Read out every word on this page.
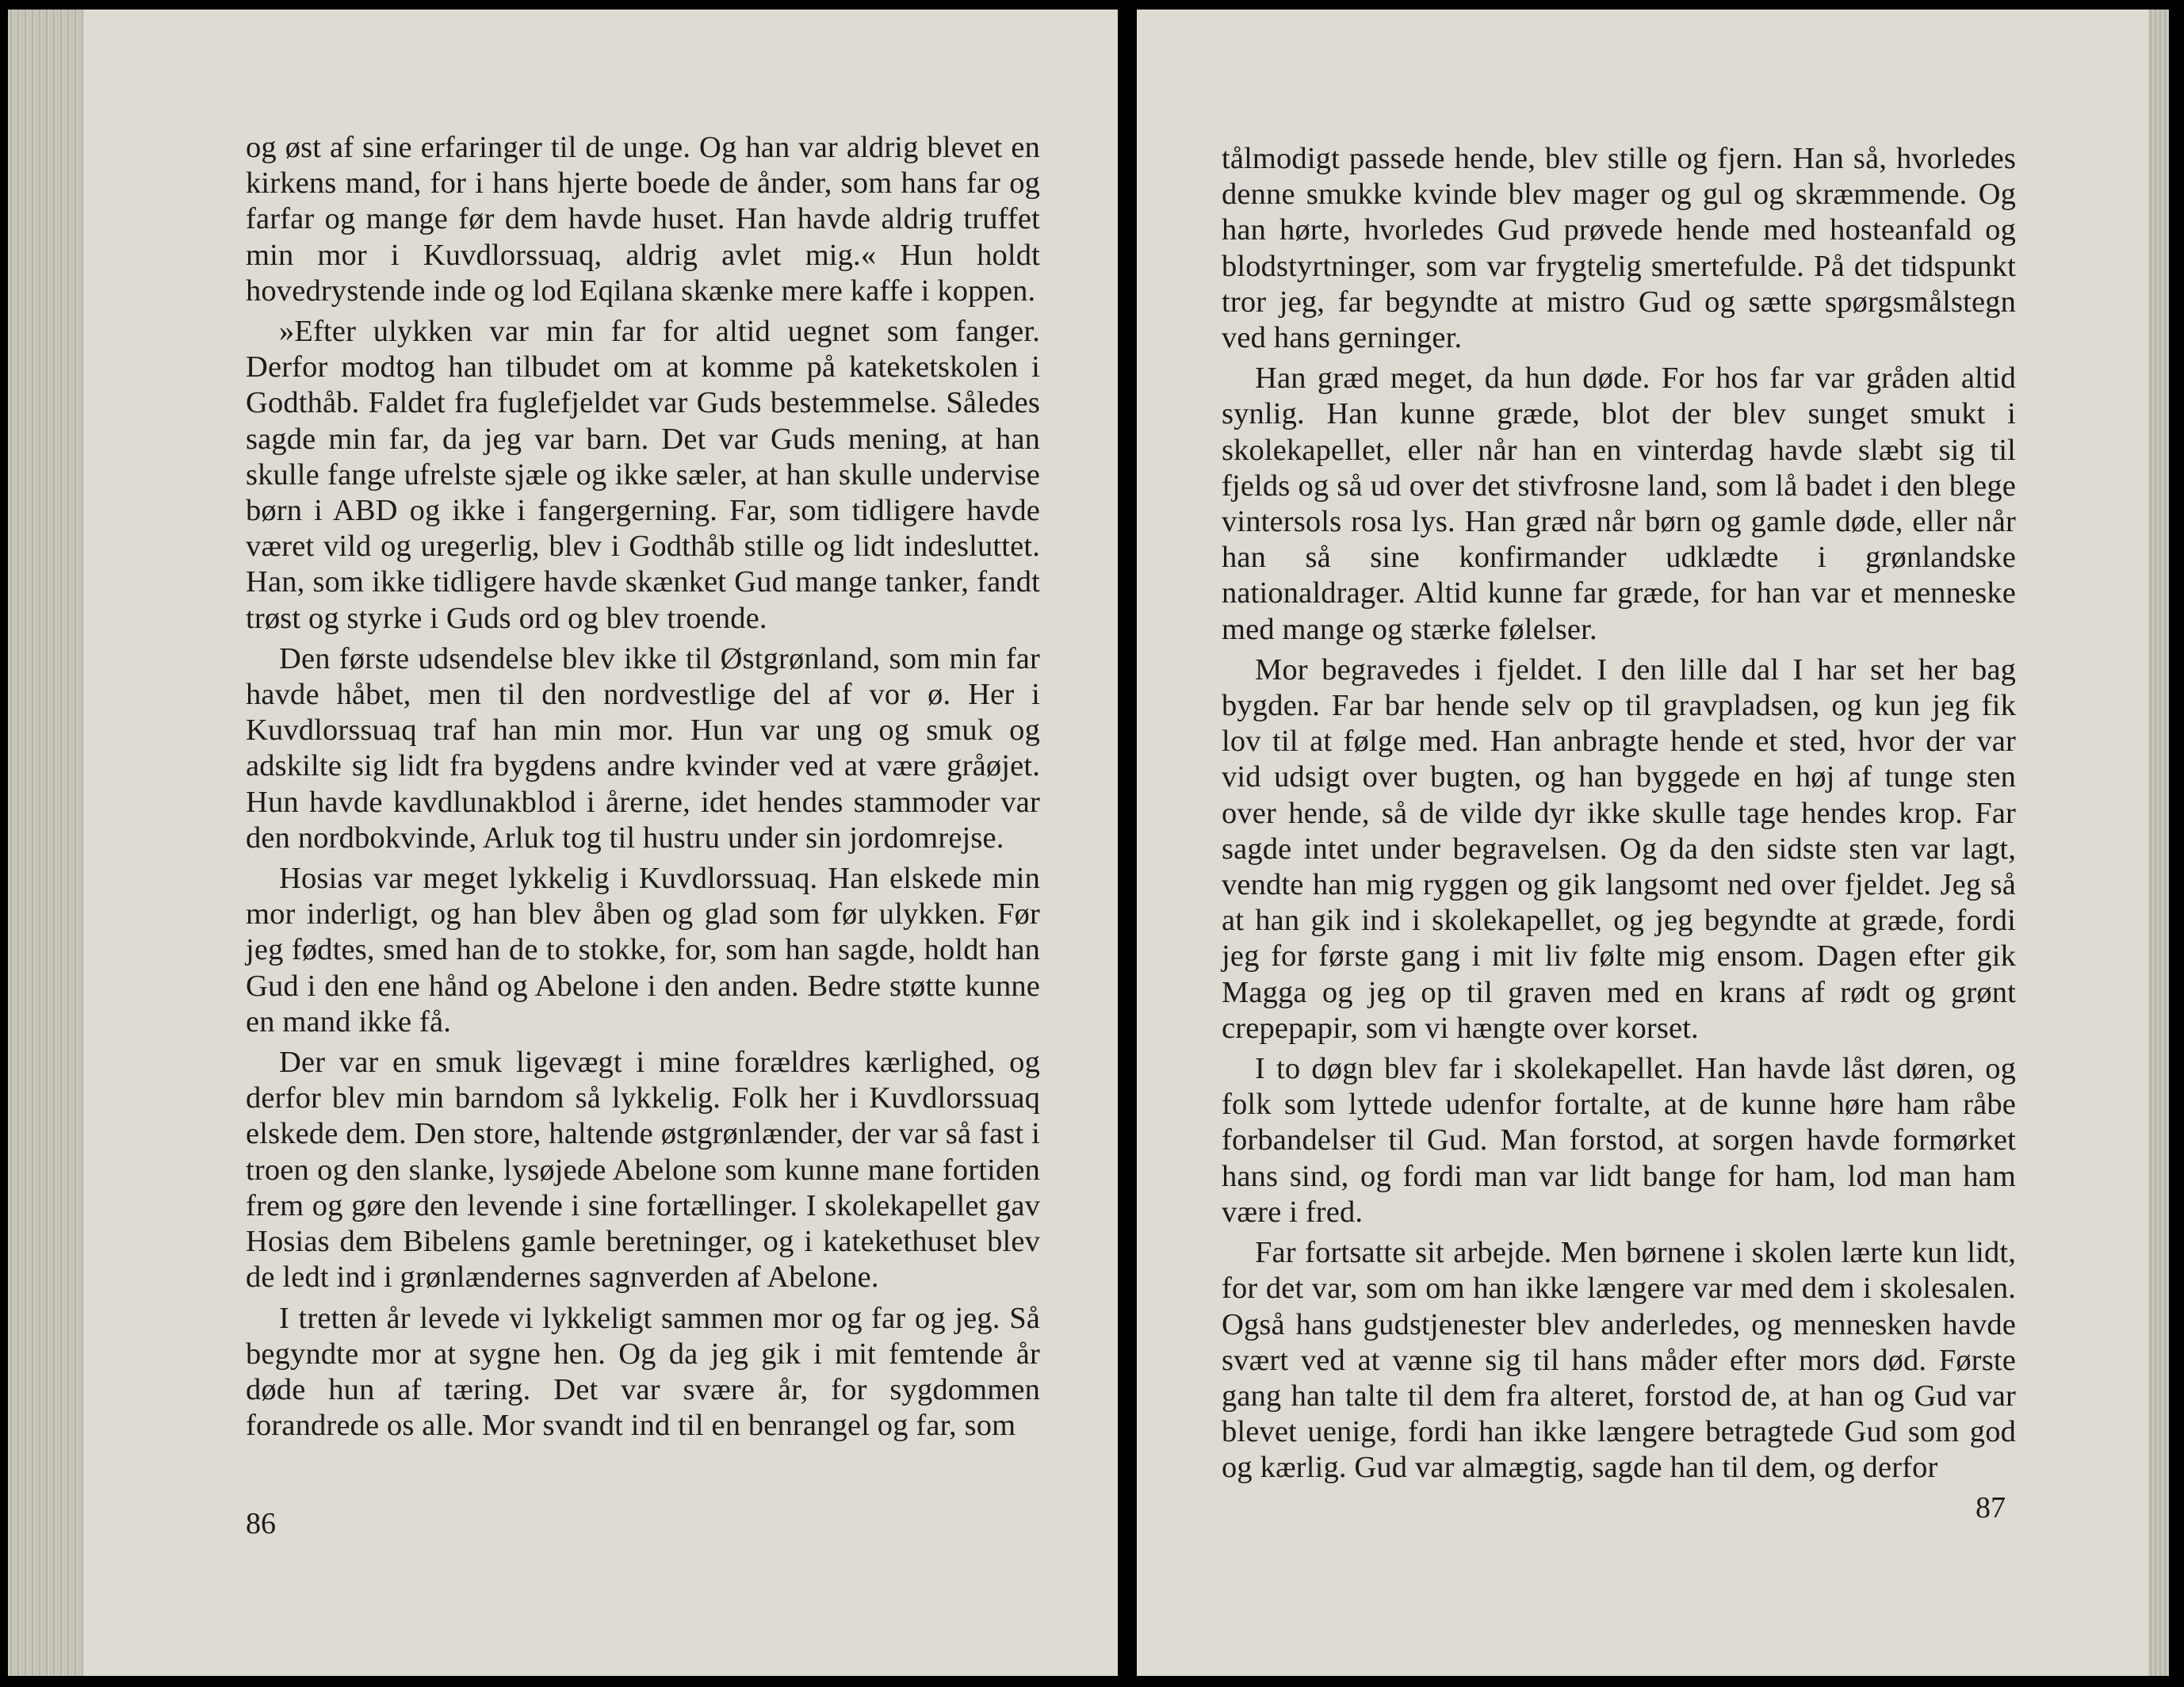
og øst af sine erfaringer til de unge. Og han var aldrig blevet en kirkens mand, for i hans hjerte boede de ånder, som hans far og farfar og mange før dem havde huset. Han havde aldrig truffet min mor i Kuvdlorssuaq, aldrig avlet mig.« Hun holdt hovedrystende inde og lod Eqilana skænke mere kaffe i koppen.

»Efter ulykken var min far for altid uegnet som fanger. Derfor modtog han tilbudet om at komme på kateketskolen i Godthåb. Faldet fra fuglefjeldet var Guds bestemmelse. Således sagde min far, da jeg var barn. Det var Guds mening, at han skulle fange ufrelste sjæle og ikke sæler, at han skulle undervise børn i ABD og ikke i fangergerning. Far, som tidligere havde været vild og uregerlig, blev i Godthåb stille og lidt indesluttet. Han, som ikke tidligere havde skænket Gud mange tanker, fandt trøst og styrke i Guds ord og blev troende.

Den første udsendelse blev ikke til Østgrønland, som min far havde håbet, men til den nordvestlige del af vor ø. Her i Kuvdlorssuaq traf han min mor. Hun var ung og smuk og adskilte sig lidt fra bygdens andre kvinder ved at være gråøjet. Hun havde kavdlunakblod i årerne, idet hendes stammoder var den nordbokvinde, Arluk tog til hustru under sin jordomrejse.

Hosias var meget lykkelig i Kuvdlorssuaq. Han elskede min mor inderligt, og han blev åben og glad som før ulykken. Før jeg fødtes, smed han de to stokke, for, som han sagde, holdt han Gud i den ene hånd og Abelone i den anden. Bedre støtte kunne en mand ikke få.

Der var en smuk ligevægt i mine forældres kærlighed, og derfor blev min barndom så lykkelig. Folk her i Kuvdlorssuaq elskede dem. Den store, haltende østgrønlænder, der var så fast i troen og den slanke, lysøjede Abelone som kunne mane fortiden frem og gøre den levende i sine fortællinger. I skolekapellet gav Hosias dem Bibelens gamle beretninger, og i katekethuset blev de ledt ind i grønlændernes sagnverden af Abelone.

I tretten år levede vi lykkeligt sammen mor og far og jeg. Så begyndte mor at sygne hen. Og da jeg gik i mit femtende år døde hun af tæring. Det var svære år, for sygdommen forandrede os alle. Mor svandt ind til en benrangel og far, som

86

tålmodigt passede hende, blev stille og fjern. Han så, hvorledes denne smukke kvinde blev mager og gul og skræmmende. Og han hørte, hvorledes Gud prøvede hende med hosteanfald og blodstyrtninger, som var frygtelig smertefulde. På det tidspunkt tror jeg, far begyndte at mistro Gud og sætte spørgsmålstegn ved hans gerninger.

Han græd meget, da hun døde. For hos far var gråden altid synlig. Han kunne græde, blot der blev sunget smukt i skolekapellet, eller når han en vinterdag havde slæbt sig til fjelds og så ud over det stivfrosne land, som lå badet i den blege vintersols rosa lys. Han græd når børn og gamle døde, eller når han så sine konfirmander udklædte i grønlandske nationaldrager. Altid kunne far græde, for han var et menneske med mange og stærke følelser.

Mor begravedes i fjeldet. I den lille dal I har set her bag bygden. Far bar hende selv op til gravpladsen, og kun jeg fik lov til at følge med. Han anbragte hende et sted, hvor der var vid udsigt over bugten, og han byggede en høj af tunge sten over hende, så de vilde dyr ikke skulle tage hendes krop. Far sagde intet under begravelsen. Og da den sidste sten var lagt, vendte han mig ryggen og gik langsomt ned over fjeldet. Jeg så at han gik ind i skolekapellet, og jeg begyndte at græde, fordi jeg for første gang i mit liv følte mig ensom. Dagen efter gik Magga og jeg op til graven med en krans af rødt og grønt crepepapir, som vi hængte over korset.

I to døgn blev far i skolekapellet. Han havde låst døren, og folk som lyttede udenfor fortalte, at de kunne høre ham råbe forbandelser til Gud. Man forstod, at sorgen havde formørket hans sind, og fordi man var lidt bange for ham, lod man ham være i fred.

Far fortsatte sit arbejde. Men børnene i skolen lærte kun lidt, for det var, som om han ikke længere var med dem i skolesalen. Også hans gudstjenester blev anderledes, og mennesken havde svært ved at vænne sig til hans måder efter mors død. Første gang han talte til dem fra alteret, forstod de, at han og Gud var blevet uenige, fordi han ikke længere betragtede Gud som god og kærlig. Gud var almægtig, sagde han til dem, og derfor

87
